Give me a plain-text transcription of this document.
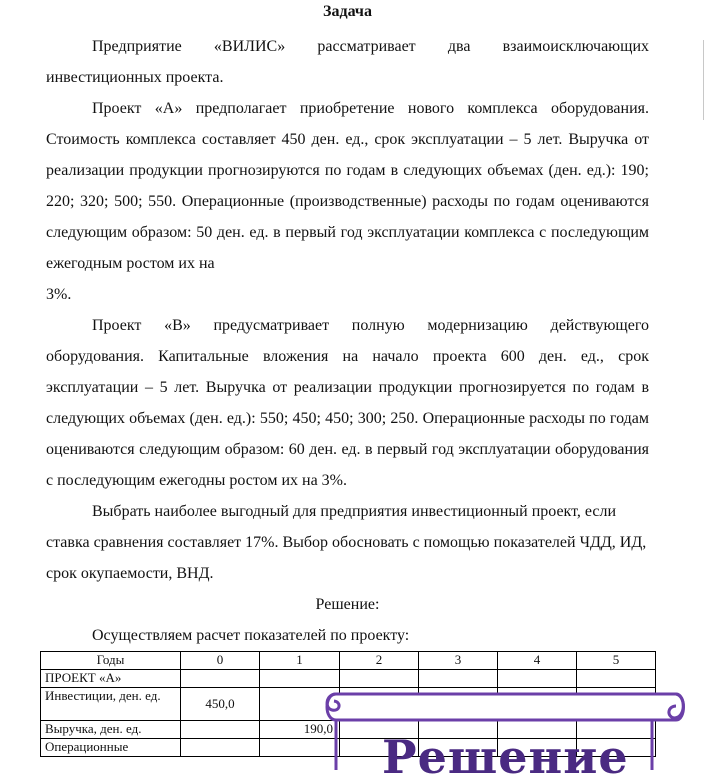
Задача

Предприятие «ВИЛИС» рассматривает два взаимоисключающих инвестиционных проекта.

Проект «А» предполагает приобретение нового комплекса оборудования. Стоимость комплекса составляет 450 ден. ед., срок эксплуатации – 5 лет. Выручка от реализации продукции прогнозируются по годам в следующих объемах (ден. ед.): 190; 220; 320; 500; 550. Операционные (производственные) расходы по годам оцениваются следующим образом: 50 ден. ед. в первый год эксплуатации комплекса с последующим ежегодным ростом их на
3%.

Проект «В» предусматривает полную модернизацию действующего оборудования. Капитальные вложения на начало проекта 600 ден. ед., срок эксплуатации – 5 лет. Выручка от реализации продукции прогнозируется по годам в следующих объемах (ден. ед.): 550; 450; 450; 300; 250. Операционные расходы по годам оцениваются следующим образом: 60 ден. ед. в первый год эксплуатации оборудования с последующим ежегодны ростом их на 3%.

Выбрать наиболее выгодный для предприятия инвестиционный проект, если ставка сравнения составляет 17%. Выбор обосновать с помощью показателей ЧДД, ИД, срок окупаемости, ВНД.

Решение:

Осуществляем расчет показателей по проекту:

Годы	0	1	2	3	4	5
ПРОЕКТ «А»						
Инвестиции, ден. ед.	450,0					
Выручка, ден. ед.		190,0				
Операционные							Решение
